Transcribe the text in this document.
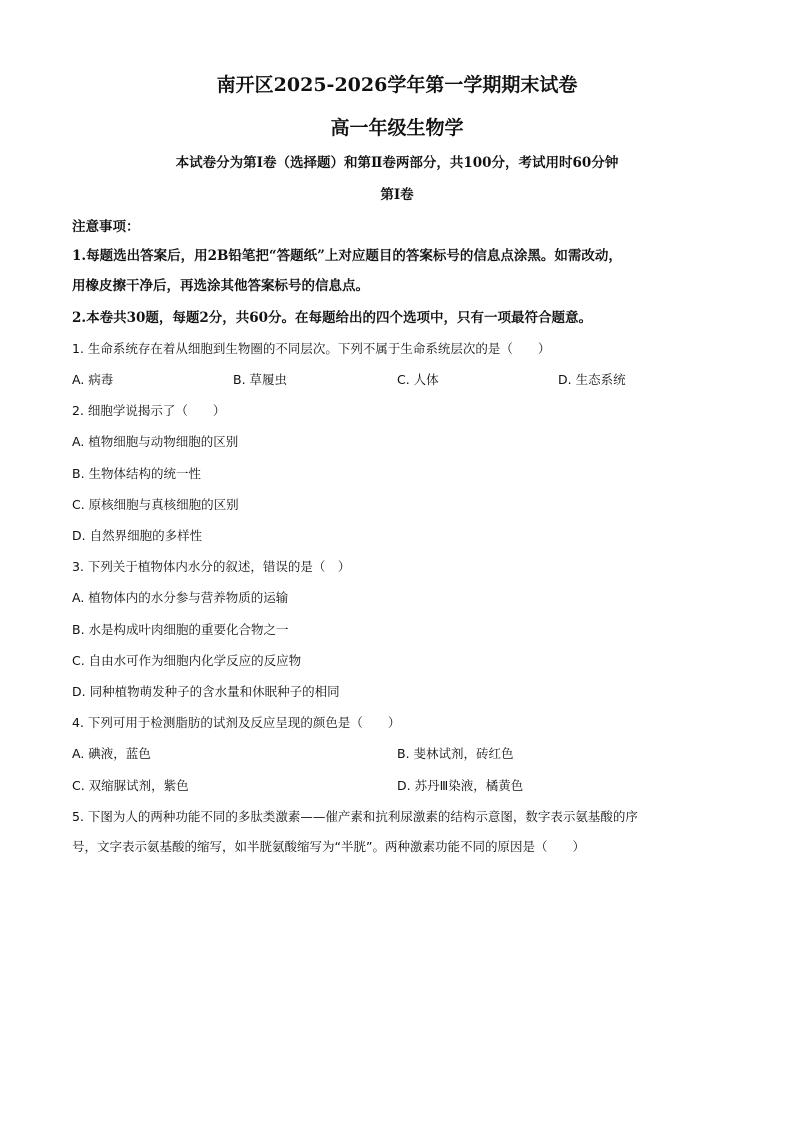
南开区2025-2026学年第一学期期末试卷
高一年级生物学
本试卷分为第Ⅰ卷（选择题）和第Ⅱ卷两部分，共100分，考试用时60分钟
第Ⅰ卷
注意事项：
1.每题选出答案后，用2B铅笔把“答题纸”上对应题目的答案标号的信息点涂黑。如需改动，
用橡皮擦干净后，再选涂其他答案标号的信息点。
2.本卷共30题，每题2分，共60分。在每题给出的四个选项中，只有一项最符合题意。
1. 生命系统存在着从细胞到生物圈的不同层次。下列不属于生命系统层次的是（　　）
A. 病毒	B. 草履虫	C. 人体	D. 生态系统
2. 细胞学说揭示了（　　）
A. 植物细胞与动物细胞的区别
B. 生物体结构的统一性
C. 原核细胞与真核细胞的区别
D. 自然界细胞的多样性
3. 下列关于植物体内水分的叙述，错误的是（　）
A. 植物体内的水分参与营养物质的运输
B. 水是构成叶肉细胞的重要化合物之一
C. 自由水可作为细胞内化学反应的反应物
D. 同种植物萌发种子的含水量和休眠种子的相同
4. 下列可用于检测脂肪的试剂及反应呈现的颜色是（　　）
A. 碘液，蓝色	B. 斐林试剂，砖红色
C. 双缩脲试剂，紫色	D. 苏丹Ⅲ染液，橘黄色
5. 下图为人的两种功能不同的多肽类激素——催产素和抗利尿激素的结构示意图，数字表示氨基酸的序
号，文字表示氨基酸的缩写，如半胱氨酸缩写为“半胱”。两种激素功能不同的原因是（　　）
